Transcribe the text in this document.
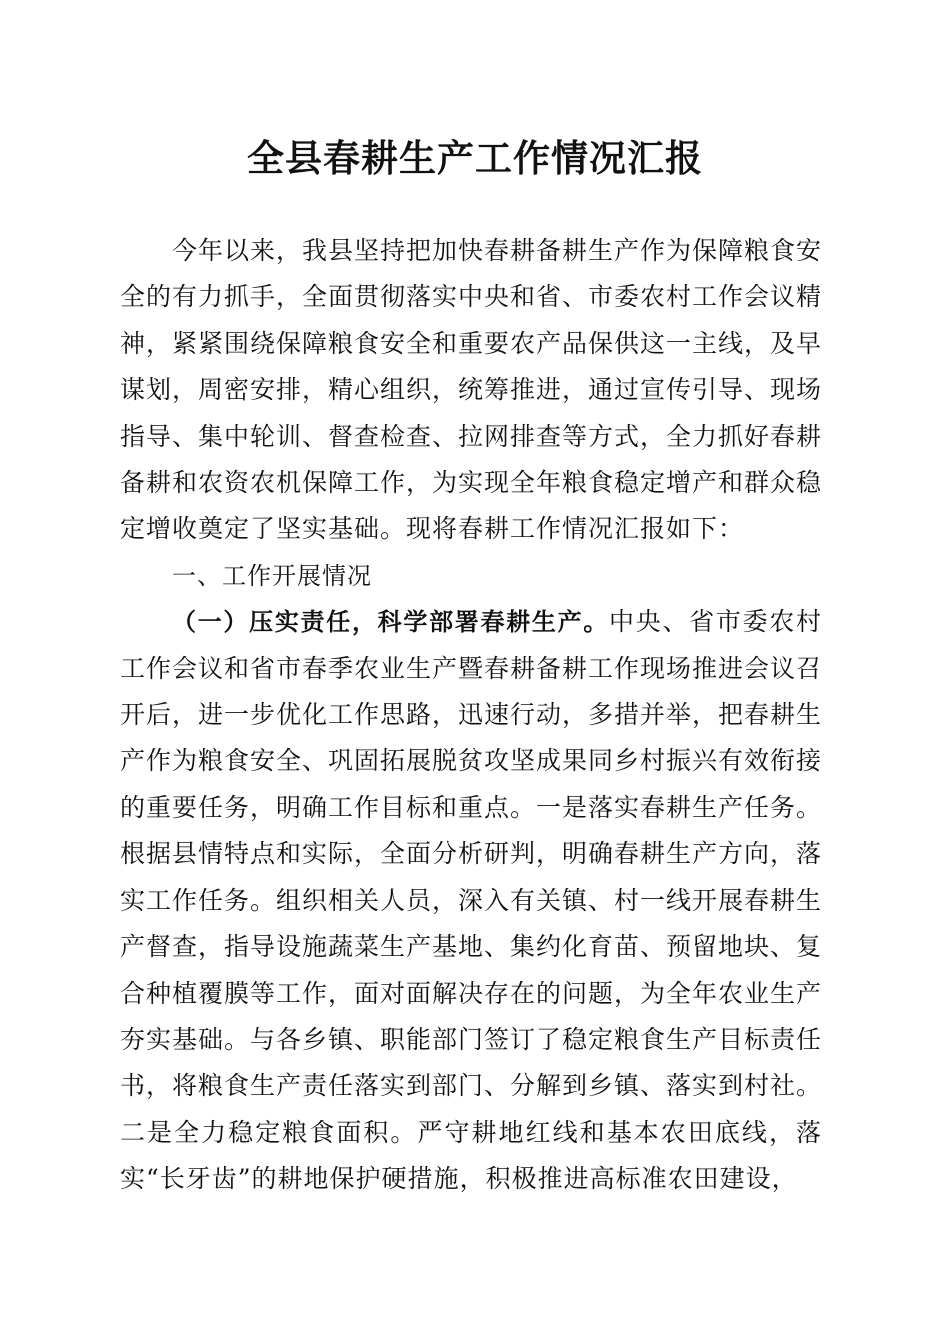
全县春耕生产工作情况汇报

今年以来，我县坚持把加快春耕备耕生产作为保障粮食安全的有力抓手，全面贯彻落实中央和省、市委农村工作会议精神，紧紧围绕保障粮食安全和重要农产品保供这一主线，及早谋划，周密安排，精心组织，统筹推进，通过宣传引导、现场指导、集中轮训、督查检查、拉网排查等方式，全力抓好春耕备耕和农资农机保障工作，为实现全年粮食稳定增产和群众稳定增收奠定了坚实基础。现将春耕工作情况汇报如下：

一、工作开展情况

（一）压实责任，科学部署春耕生产。中央、省市委农村工作会议和省市春季农业生产暨春耕备耕工作现场推进会议召开后，进一步优化工作思路，迅速行动，多措并举，把春耕生产作为粮食安全、巩固拓展脱贫攻坚成果同乡村振兴有效衔接的重要任务，明确工作目标和重点。一是落实春耕生产任务。根据县情特点和实际，全面分析研判，明确春耕生产方向，落实工作任务。组织相关人员，深入有关镇、村一线开展春耕生产督查，指导设施蔬菜生产基地、集约化育苗、预留地块、复合种植覆膜等工作，面对面解决存在的问题，为全年农业生产夯实基础。与各乡镇、职能部门签订了稳定粮食生产目标责任书，将粮食生产责任落实到部门、分解到乡镇、落实到村社。二是全力稳定粮食面积。严守耕地红线和基本农田底线，落实“长牙齿”的耕地保护硬措施，积极推进高标准农田建设，
